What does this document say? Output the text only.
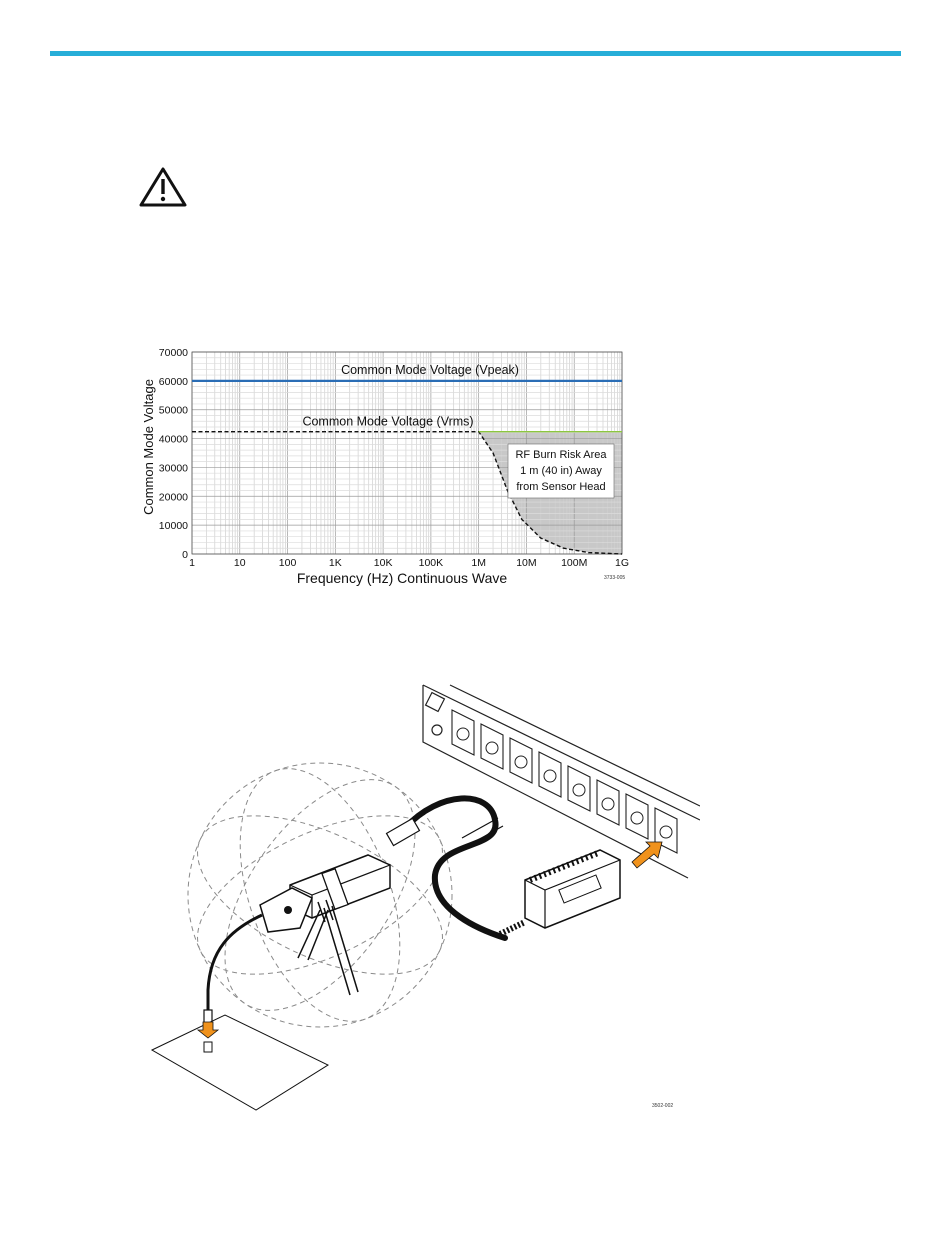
Common Mode Voltage (Vpeak)
Common Mode Voltage (Vrms)
RF Burn Risk Area
1 m (40 in) Away
from Sensor Head
1	10	100	1K	10K 100K	1M	10M 100M	1G
0
10000
20000
30000
40000
50000
60000
70000
Frequency (Hz) Continuous Wave
Common Mode Voltage
3733-005
3502-002
